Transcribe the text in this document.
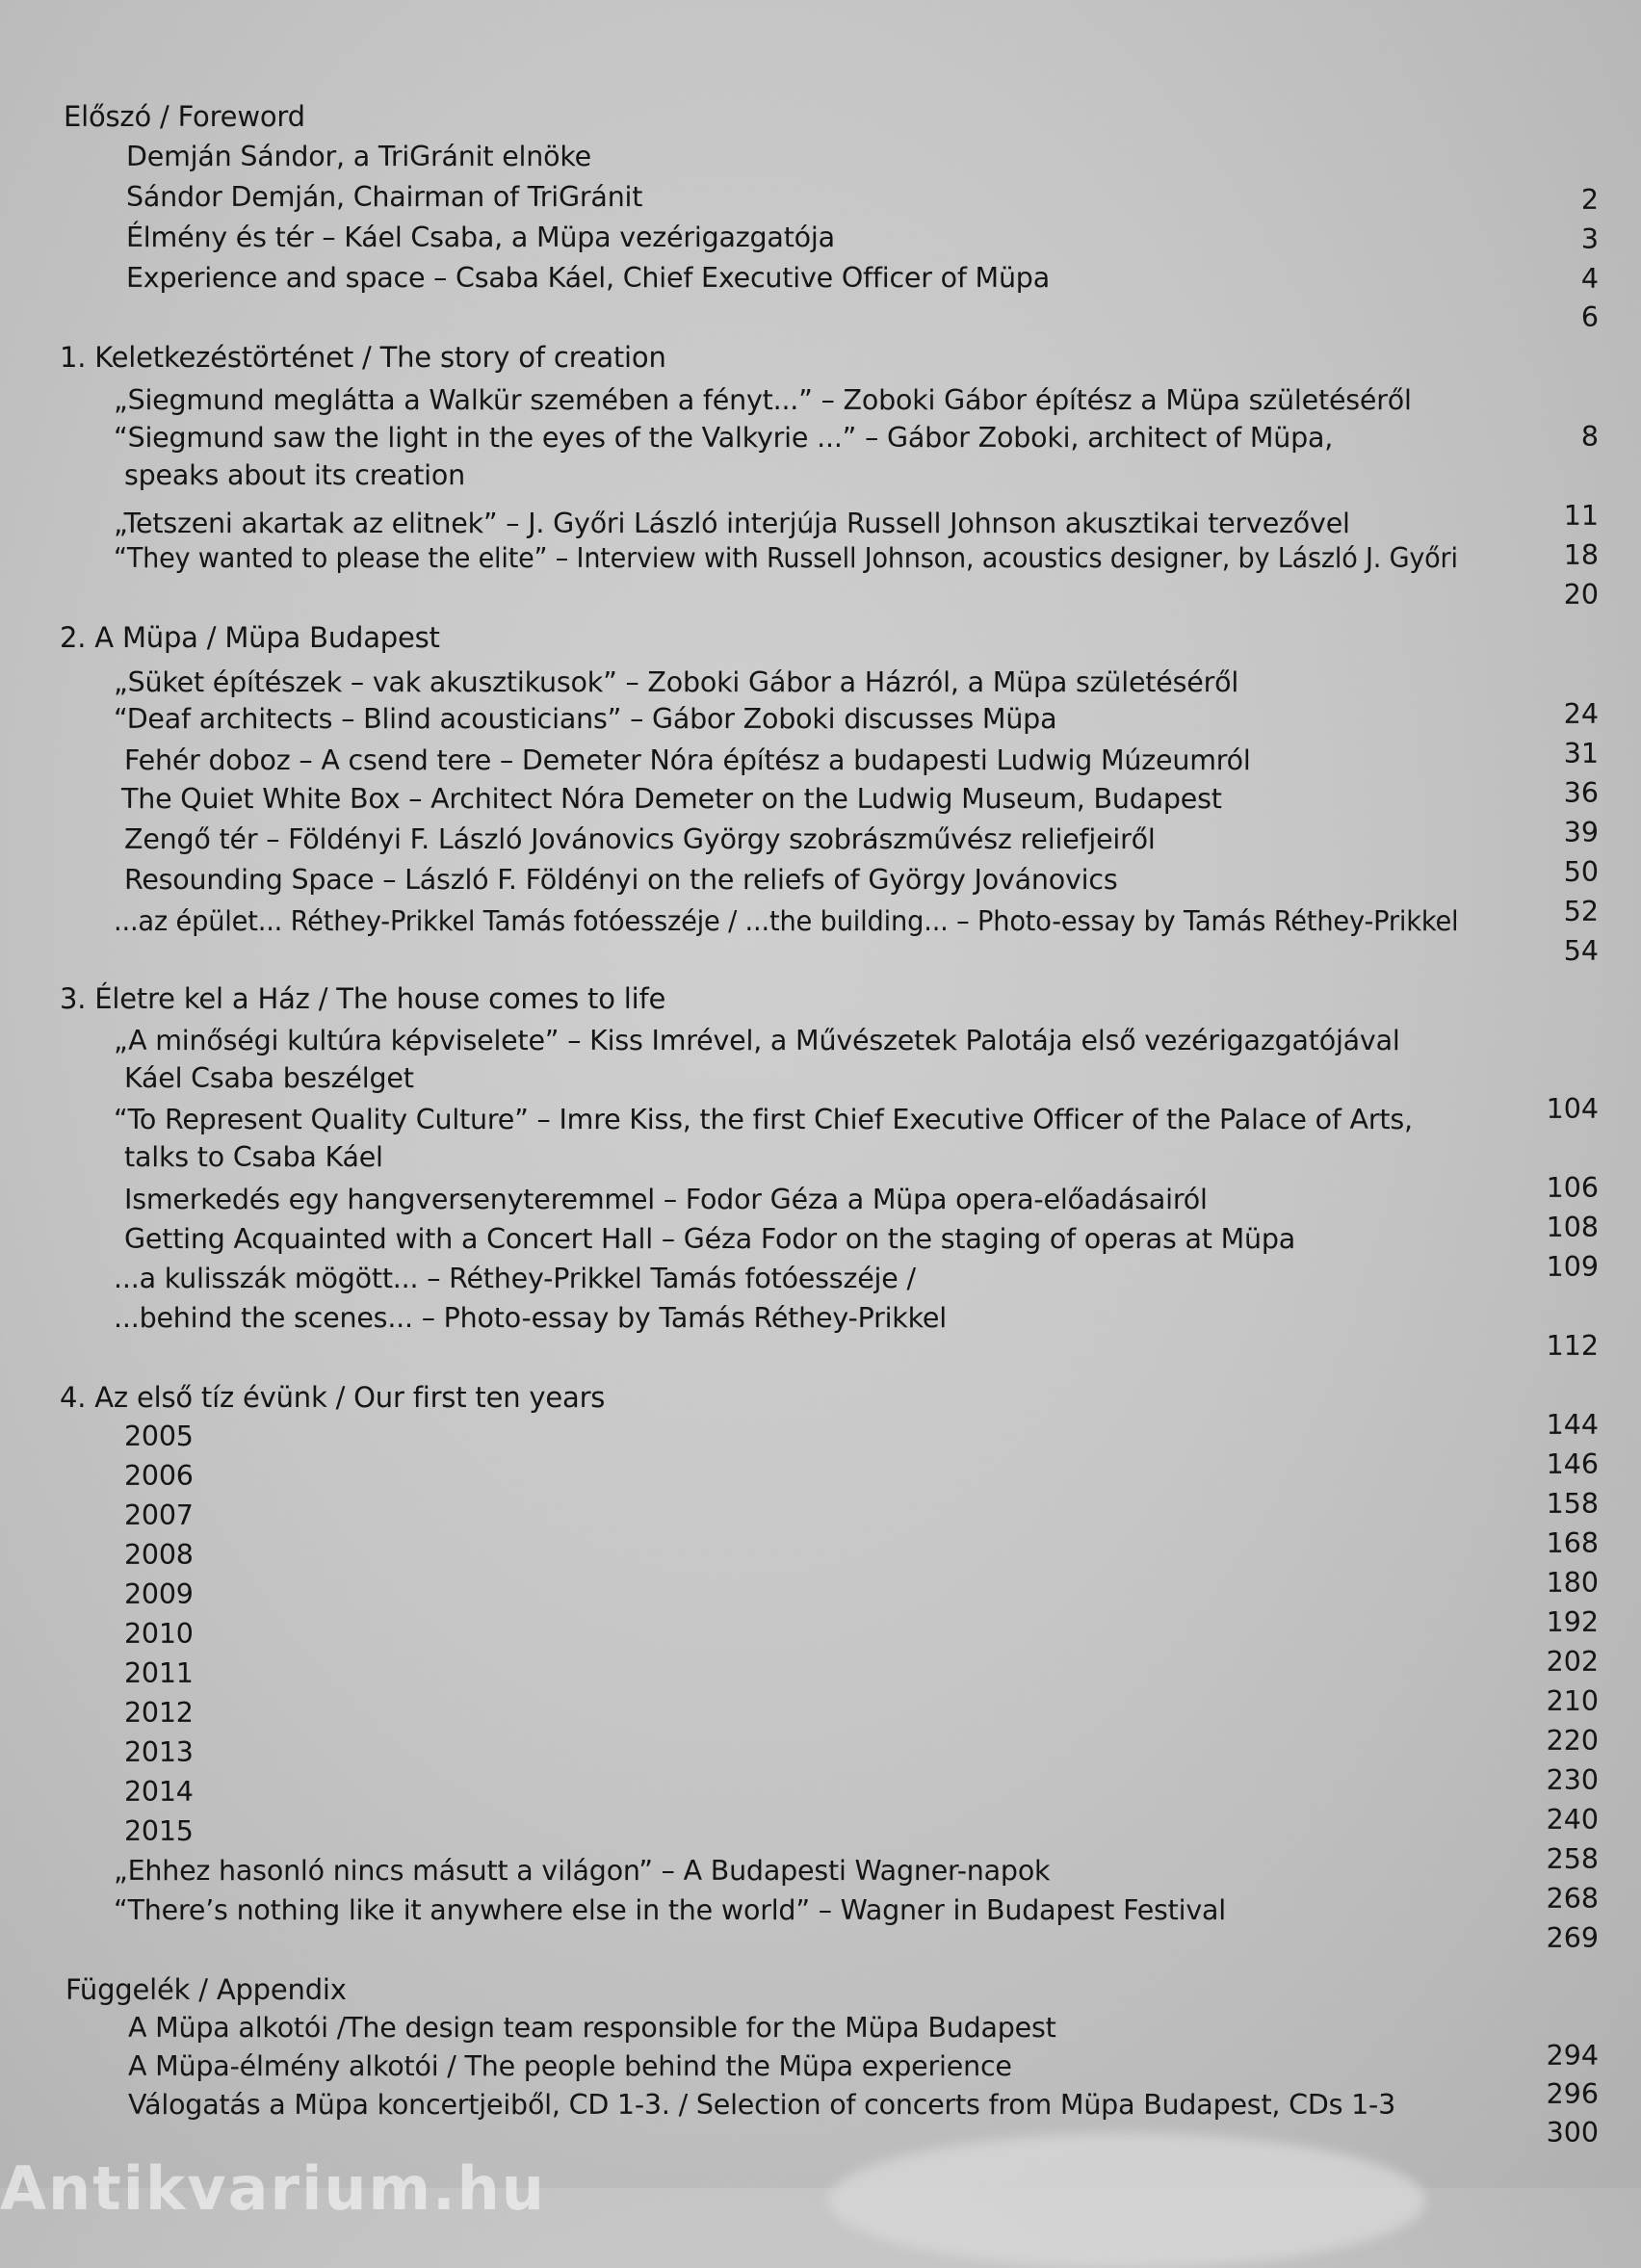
Előszó / Foreword

Demján Sándor, a TriGránit elnöke

2

Sándor Demján, Chairman of TriGránit

3

Élmény és tér – Káel Csaba, a Müpa vezérigazgatója

4

Experience and space – Csaba Káel, Chief Executive Officer of Müpa

6

1. Keletkezéstörténet / The story of creation

„Siegmund meglátta a Walkür szemében a fényt...” – Zoboki Gábor építész a Müpa születéséről

8

“Siegmund saw the light in the eyes of the Valkyrie ...” – Gábor Zoboki, architect of Müpa,

speaks about its creation

11

„Tetszeni akartak az elitnek” – J. Győri László interjúja Russell Johnson akusztikai tervezővel

18

“They wanted to please the elite” – Interview with Russell Johnson, acoustics designer, by László J. Győri

20

2. A Müpa / Müpa Budapest

„Süket építészek – vak akusztikusok” – Zoboki Gábor a Házról, a Müpa születéséről

24

“Deaf architects – Blind acousticians” – Gábor Zoboki discusses Müpa

31

Fehér doboz – A csend tere – Demeter Nóra építész a budapesti Ludwig Múzeumról

36

The Quiet White Box – Architect Nóra Demeter on the Ludwig Museum, Budapest

39

Zengő tér – Földényi F. László Jovánovics György szobrászművész reliefjeiről

50

Resounding Space – László F. Földényi on the reliefs of György Jovánovics

52

...az épület... Réthey-Prikkel Tamás fotóesszéje / ...the building... – Photo-essay by Tamás Réthey-Prikkel

54

3. Életre kel a Ház / The house comes to life

„A minőségi kultúra képviselete” – Kiss Imrével, a Művészetek Palotája első vezérigazgatójával

Káel Csaba beszélget

104

“To Represent Quality Culture” – Imre Kiss, the first Chief Executive Officer of the Palace of Arts,

talks to Csaba Káel

106

Ismerkedés egy hangversenyteremmel – Fodor Géza a Müpa opera-előadásairól

108

Getting Acquainted with a Concert Hall – Géza Fodor on the staging of operas at Müpa

109

...a kulisszák mögött... – Réthey-Prikkel Tamás fotóesszéje /

...behind the scenes... – Photo-essay by Tamás Réthey-Prikkel

112

4. Az első tíz évünk / Our first ten years

144

2005

146

2006

158

2007

168

2008

180

2009

192

2010

202

2011

210

2012

220

2013

230

2014

240

2015

258

„Ehhez hasonló nincs másutt a világon” – A Budapesti Wagner-napok

268

“There’s nothing like it anywhere else in the world” – Wagner in Budapest Festival

269

Függelék / Appendix

A Müpa alkotói /The design team responsible for the Müpa Budapest

294

A Müpa-élmény alkotói / The people behind the Müpa experience

296

Válogatás a Müpa koncertjeiből, CD 1-3. / Selection of concerts from Müpa Budapest, CDs 1-3

300

Antikvarium.hu
